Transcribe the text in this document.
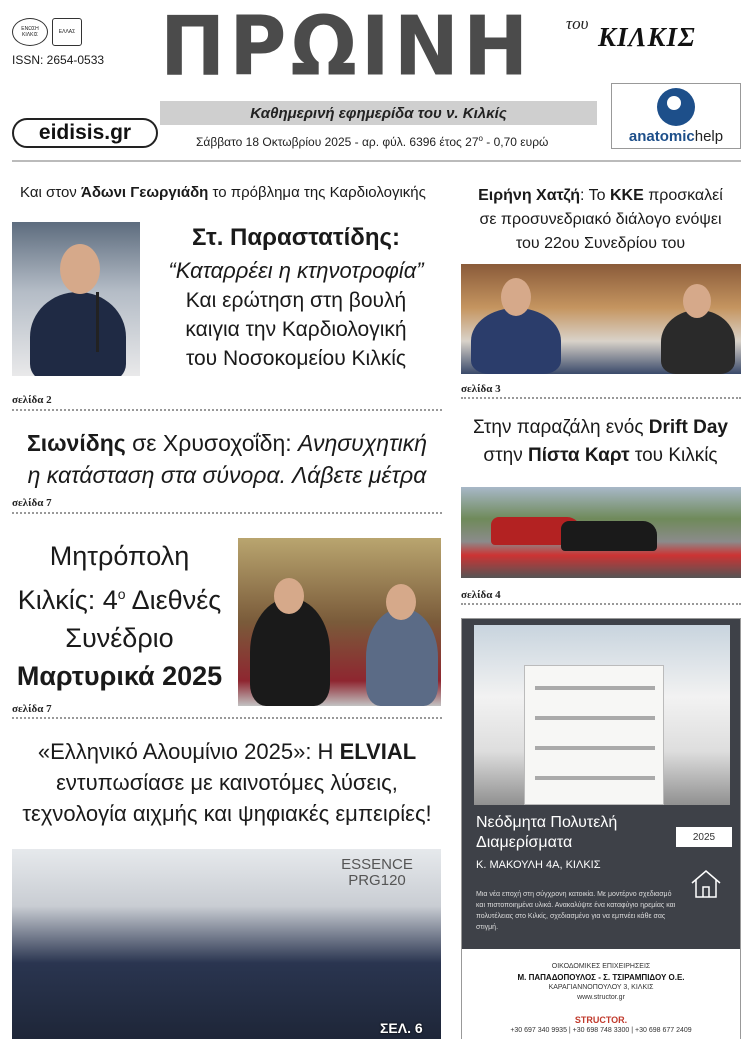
ΕΝΩΣΗ ΚΙΛΚΙΣ	ΕΛΛΑΣ
ISSN: 2654-0533 ΠΡΩΙΝΗ	του ΚΙΛΚΙΣ
Καθημερινή εφημερίδα του ν. Κιλκίς
eidisis.gr	Σάββατο 18 Οκτωβρίου 2025 - αρ. φύλ. 6396 έτος $27^o - 0,70$ ευρώ	anatomichelp
Και στον Άδωνι Γεωργιάδη το πρόβλημα της Καρδιολογικής
Στ. Παραστατίδης:
“Καταρρέει η κτηνοτροφία”
Και ερώτηση στη βουλή
καιγια την Καρδιολογική
του Νοσοκομείου Κιλκίς
σελίδα 2
Σιωνίδης σε Χρυσοχοΐδη: Ανησυχητική
η κατάσταση στα σύνορα. Λάβετε μέτρα
σελίδα 7
Μητρόπολη
Κιλκίς: $4^o$ Διεθνές
Συνέδριο
Μαρτυρικά 2025
σελίδα 7
«Ελληνικό Αλουμίνιο 2025»: Η ELVIAL
εντυπωσίασε με καινοτόμες λύσεις,
τεχνολογία αιχμής και ψηφιακές εμπειρίες!
ESSENCE PRG120
ΣΕΛ. 6
Ειρήνη Χατζή: Το ΚΚΕ προσκαλεί
σε προσυνεδριακό διάλογο ενόψει
του 22ου Συνεδρίου του
σελίδα 3
Στην παραζάλη ενός Drift Day
στην Πίστα Καρτ του Κιλκίς
σελίδα 4
Νεόδμητα Πολυτελή
Διαμερίσματα	2025
Κ. ΜΑΚΟΥΛΗ 4Α, ΚΙΛΚΙΣ
Μια νέα εποχή στη σύγχρονη κατοικία. Με μοντέρνο σχεδιασμό και πιστοποιημένα υλικά. Ανακαλύψτε ένα καταφύγιο ηρεμίας και πολυτέλειας στο Κιλκίς, σχεδιασμένο για να εμπνέει κάθε σας στιγμή.
ΟΙΚΟΔΟΜΙΚΕΣ ΕΠΙΧΕΙΡΗΣΕΙΣ
Μ. ΠΑΠΑΔΟΠΟΥΛΟΣ - Σ. ΤΣΙΡΑΜΠΙΔΟΥ Ο.Ε.
ΚΑΡΑΓΙΑΝΝΟΠΟΥΛΟΥ 3, ΚΙΛΚΙΣ
www.structor.gr
STRUCTOR.
+30 697 340 9935 | +30 698 748 3300 | +30 698 677 2409
